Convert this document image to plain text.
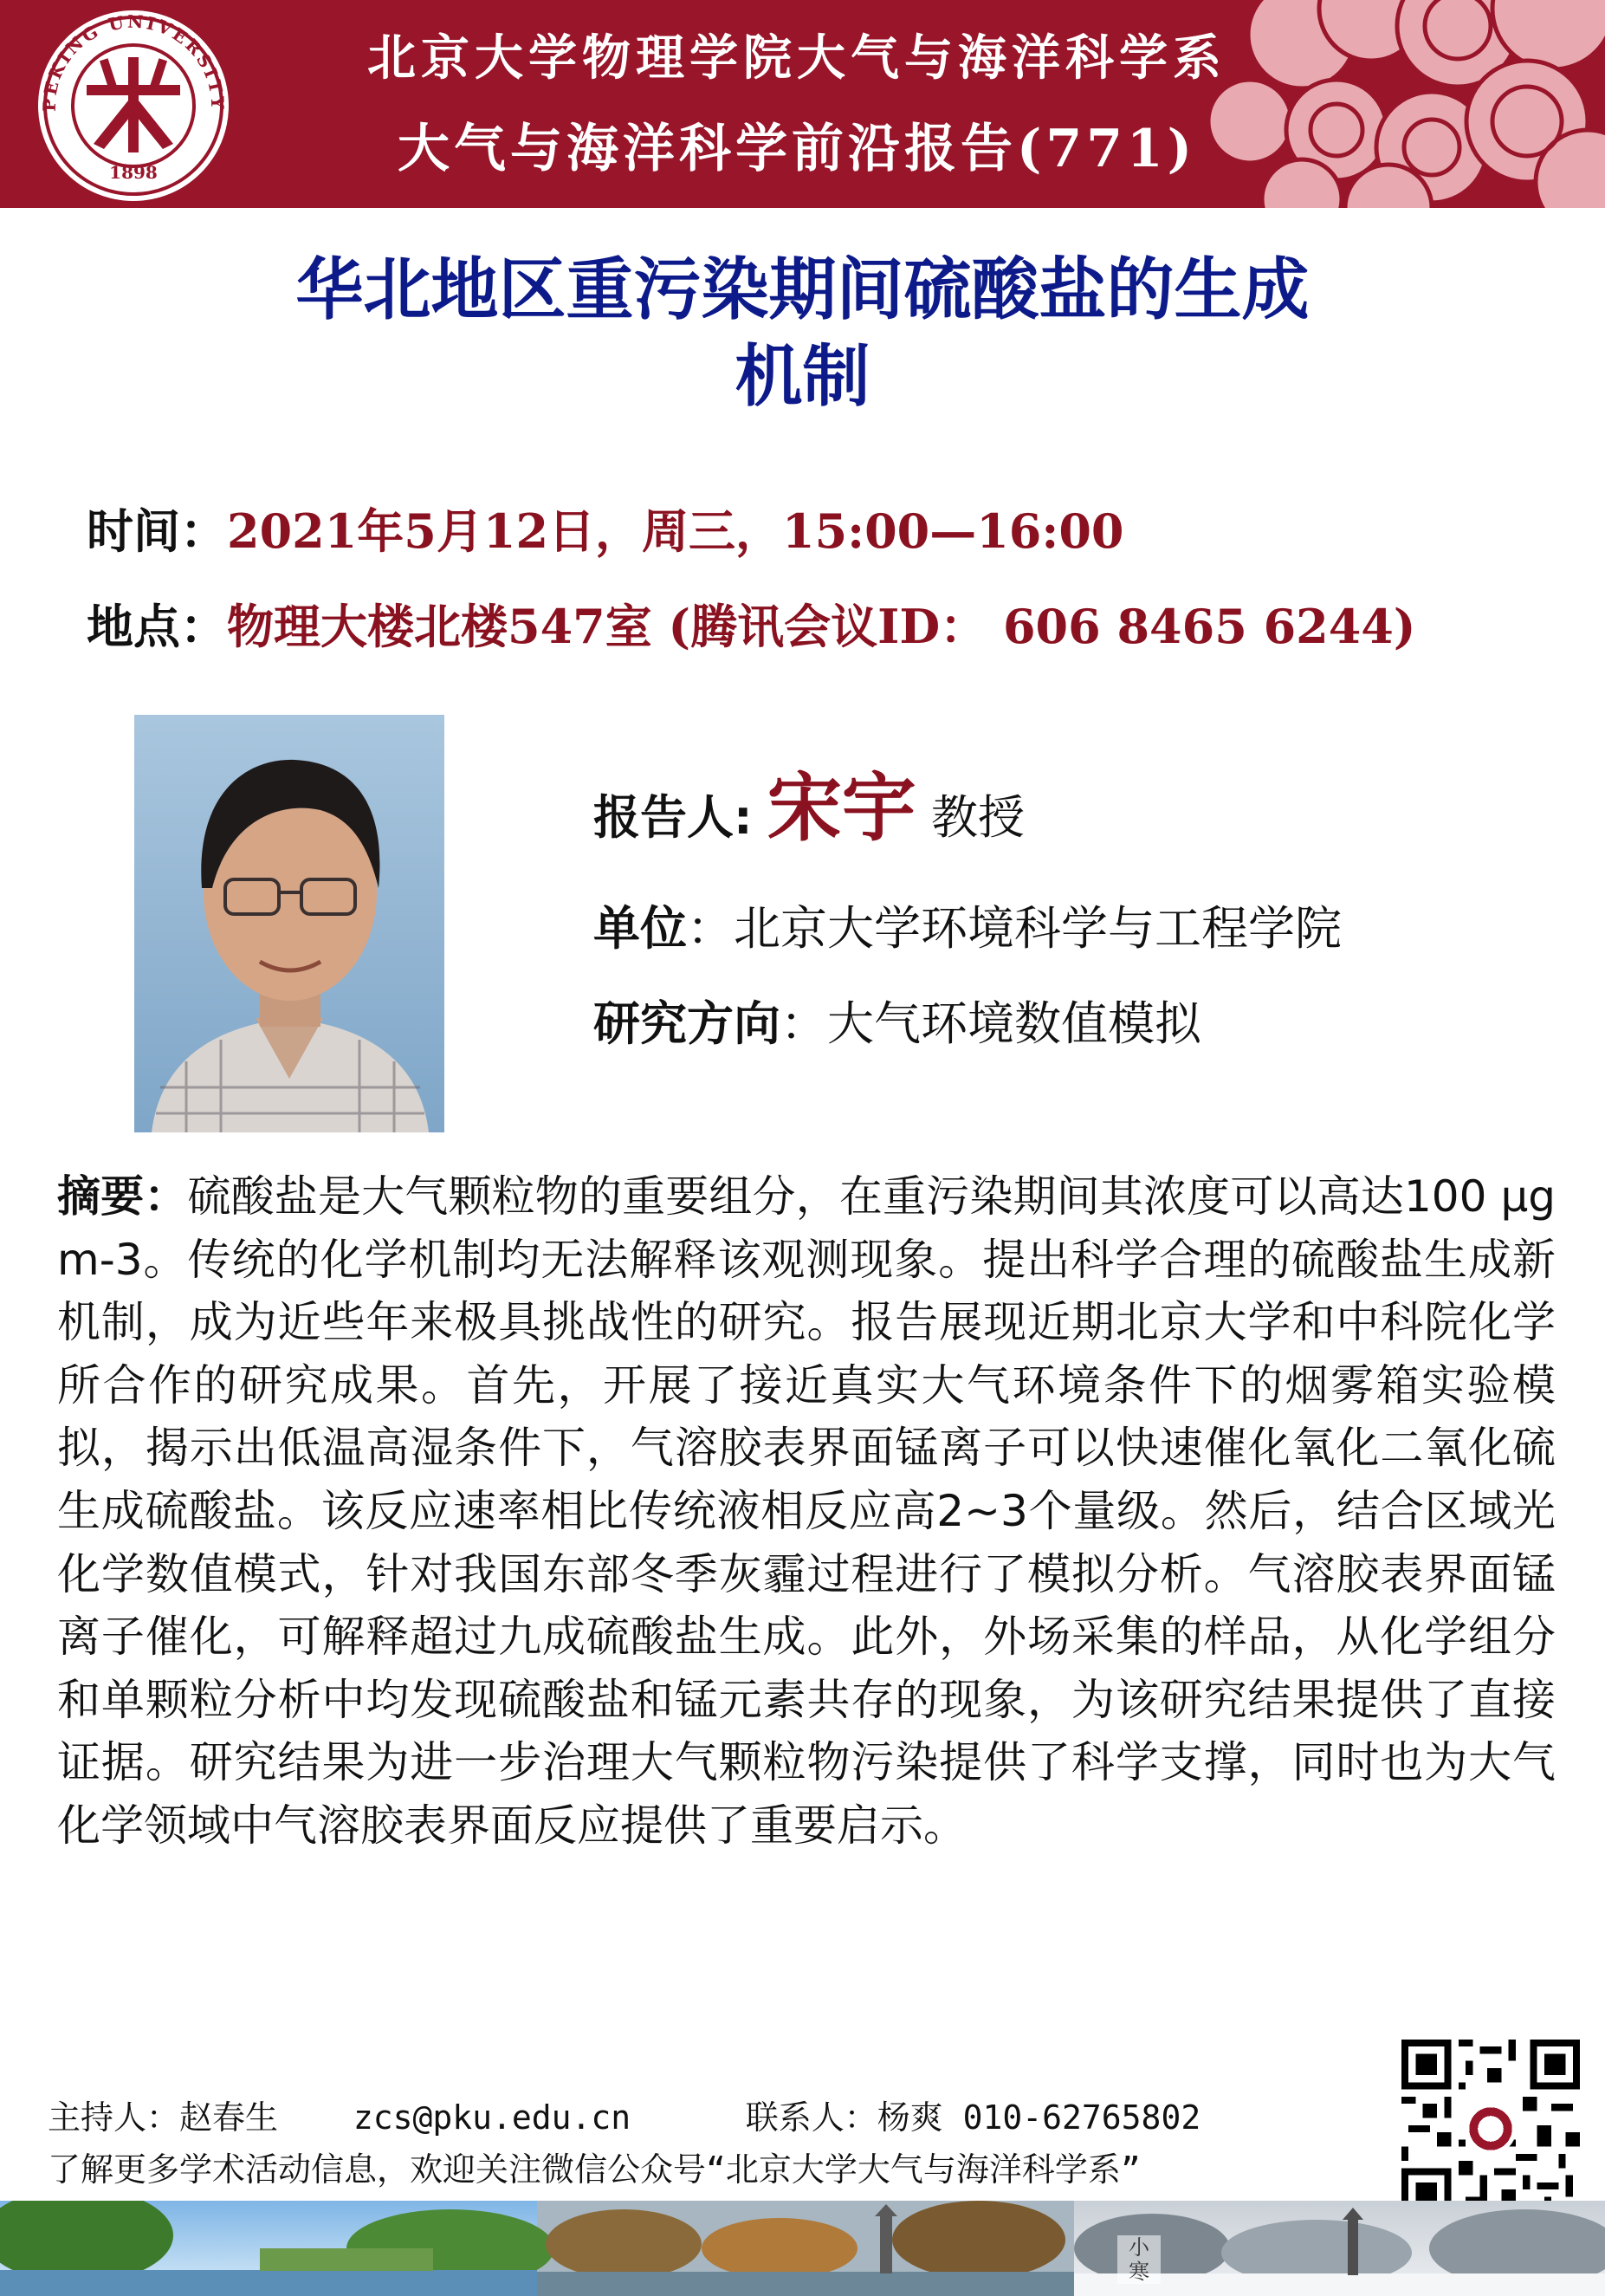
PEKING UNIVERSITY
1898
北京大学物理学院大气与海洋科学系
大气与海洋科学前沿报告(771)
华北地区重污染期间硫酸盐的生成
机制
时间：2021年5月12日，周三，15:00—16:00
地点：物理大楼北楼547室 (腾讯会议ID： 606 8465 6244)
报告人: 宋宇 教授
单位：北京大学环境科学与工程学院
研究方向：大气环境数值模拟
摘要：硫酸盐是大气颗粒物的重要组分，在重污染期间其浓度可以高达100 μg m-3。传统的化学机制均无法解释该观测现象。提出科学合理的硫酸盐生成新机制，成为近些年来极具挑战性的研究。报告展现近期北京大学和中科院化学所合作的研究成果。首先，开展了接近真实大气环境条件下的烟雾箱实验模拟，揭示出低温高湿条件下，气溶胶表界面锰离子可以快速催化氧化二氧化硫生成硫酸盐。该反应速率相比传统液相反应高2~3个量级。然后，结合区域光化学数值模式，针对我国东部冬季灰霾过程进行了模拟分析。气溶胶表界面锰离子催化，可解释超过九成硫酸盐生成。此外，外场采集的样品，从化学组分和单颗粒分析中均发现硫酸盐和锰元素共存的现象，为该研究结果提供了直接证据。研究结果为进一步治理大气颗粒物污染提供了科学支撑，同时也为大气化学领域中气溶胶表界面反应提供了重要启示。
主持人：赵春生 zcs@pku.edu.cn	联系人：杨爽 010-62765802
了解更多学术活动信息，欢迎关注微信公众号“北京大学大气与海洋科学系”
小
寒
